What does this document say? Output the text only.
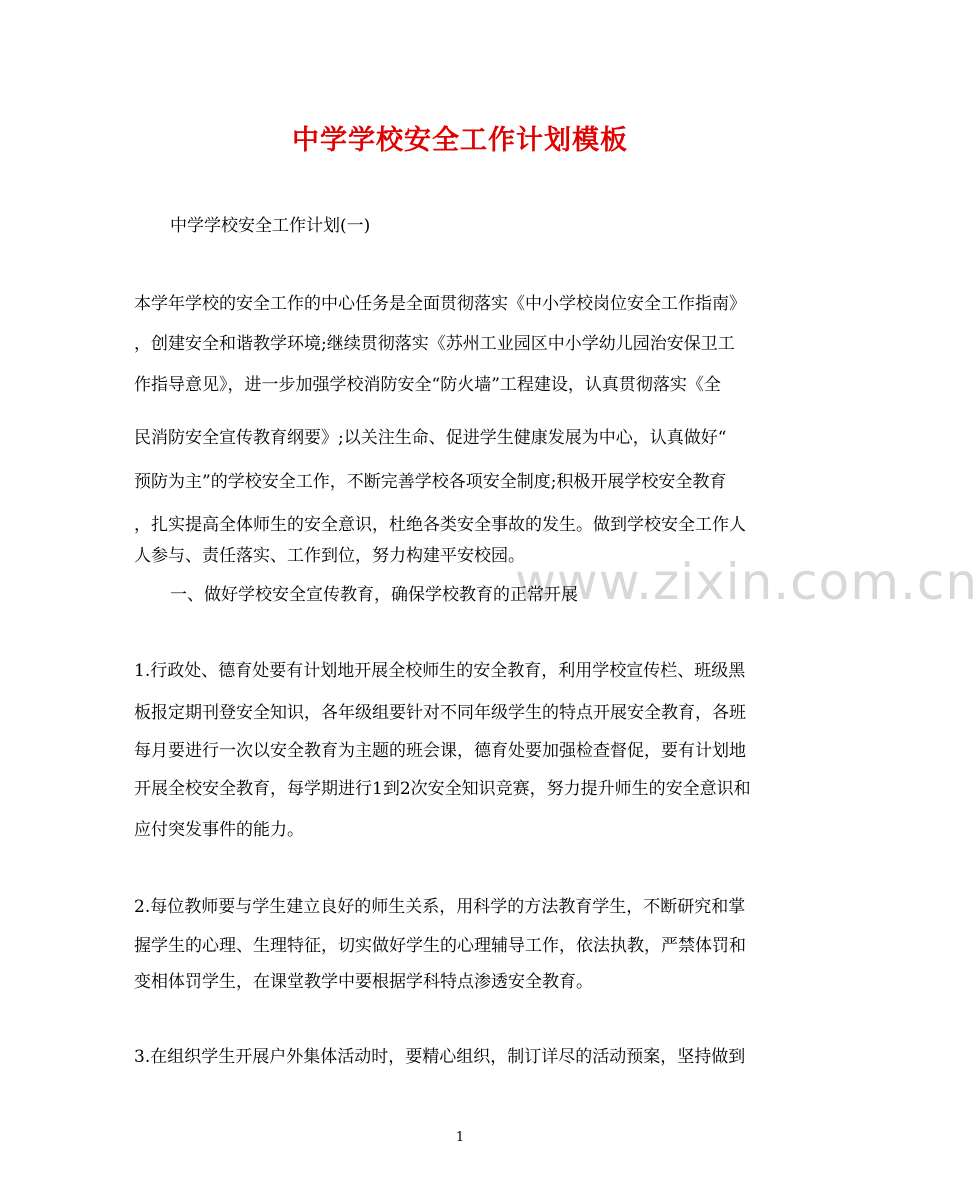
中学学校安全工作计划模板
中学学校安全工作计划(一)
本学年学校的安全工作的中心任务是全面贯彻落实《中小学校岗位安全工作指南》
，创建安全和谐教学环境;继续贯彻落实《苏州工业园区中小学幼儿园治安保卫工
作指导意见》，进一步加强学校消防安全“防火墙”工程建设，认真贯彻落实《全
民消防安全宣传教育纲要》;以关注生命、促进学生健康发展为中心，认真做好“
预防为主”的学校安全工作，不断完善学校各项安全制度;积极开展学校安全教育
，扎实提高全体师生的安全意识，杜绝各类安全事故的发生。做到学校安全工作人
人参与、责任落实、工作到位，努力构建平安校园。
www.zixin.com.cn
一、做好学校安全宣传教育，确保学校教育的正常开展
1.行政处、德育处要有计划地开展全校师生的安全教育，利用学校宣传栏、班级黑
板报定期刊登安全知识，各年级组要针对不同年级学生的特点开展安全教育，各班
每月要进行一次以安全教育为主题的班会课，德育处要加强检查督促，要有计划地
开展全校安全教育，每学期进行1到2次安全知识竞赛，努力提升师生的安全意识和
应付突发事件的能力。
2.每位教师要与学生建立良好的师生关系，用科学的方法教育学生，不断研究和掌
握学生的心理、生理特征，切实做好学生的心理辅导工作，依法执教，严禁体罚和
变相体罚学生，在课堂教学中要根据学科特点渗透安全教育。
3.在组织学生开展户外集体活动时，要精心组织，制订详尽的活动预案，坚持做到
1
